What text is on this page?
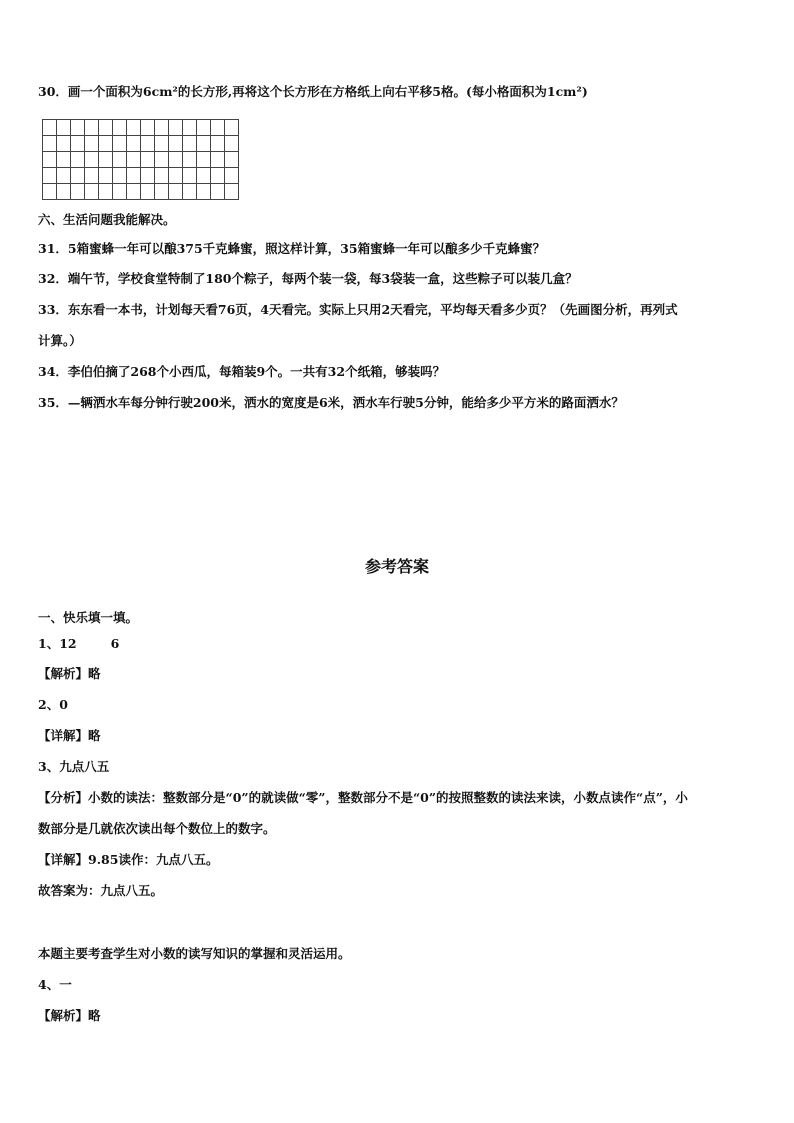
30．画一个面积为6cm²的长方形,再将这个长方形在方格纸上向右平移5格。(每小格面积为1cm²)
六、生活问题我能解决。
31．5箱蜜蜂一年可以酿375千克蜂蜜，照这样计算，35箱蜜蜂一年可以酿多少千克蜂蜜？
32．端午节，学校食堂特制了180个粽子，每两个装一袋，每3袋装一盒，这些粽子可以装几盒？
33．东东看一本书，计划每天看76页，4天看完。实际上只用2天看完，平均每天看多少页？（先画图分析，再列式
计算。）
34．李伯伯摘了268个小西瓜，每箱装9个。一共有32个纸箱，够装吗？
35．—辆洒水车每分钟行驶200米，洒水的宽度是6米，洒水车行驶5分钟，能给多少平方米的路面洒水？
参考答案
一、快乐填一填。
1、12	6
【解析】略
2、0
【详解】略
3、九点八五
【分析】小数的读法：整数部分是“0”的就读做“零”，整数部分不是“0”的按照整数的读法来读，小数点读作“点”，小
数部分是几就依次读出每个数位上的数字。
【详解】9.85读作：九点八五。
故答案为：九点八五。
本题主要考查学生对小数的读写知识的掌握和灵活运用。
4、一
【解析】略
